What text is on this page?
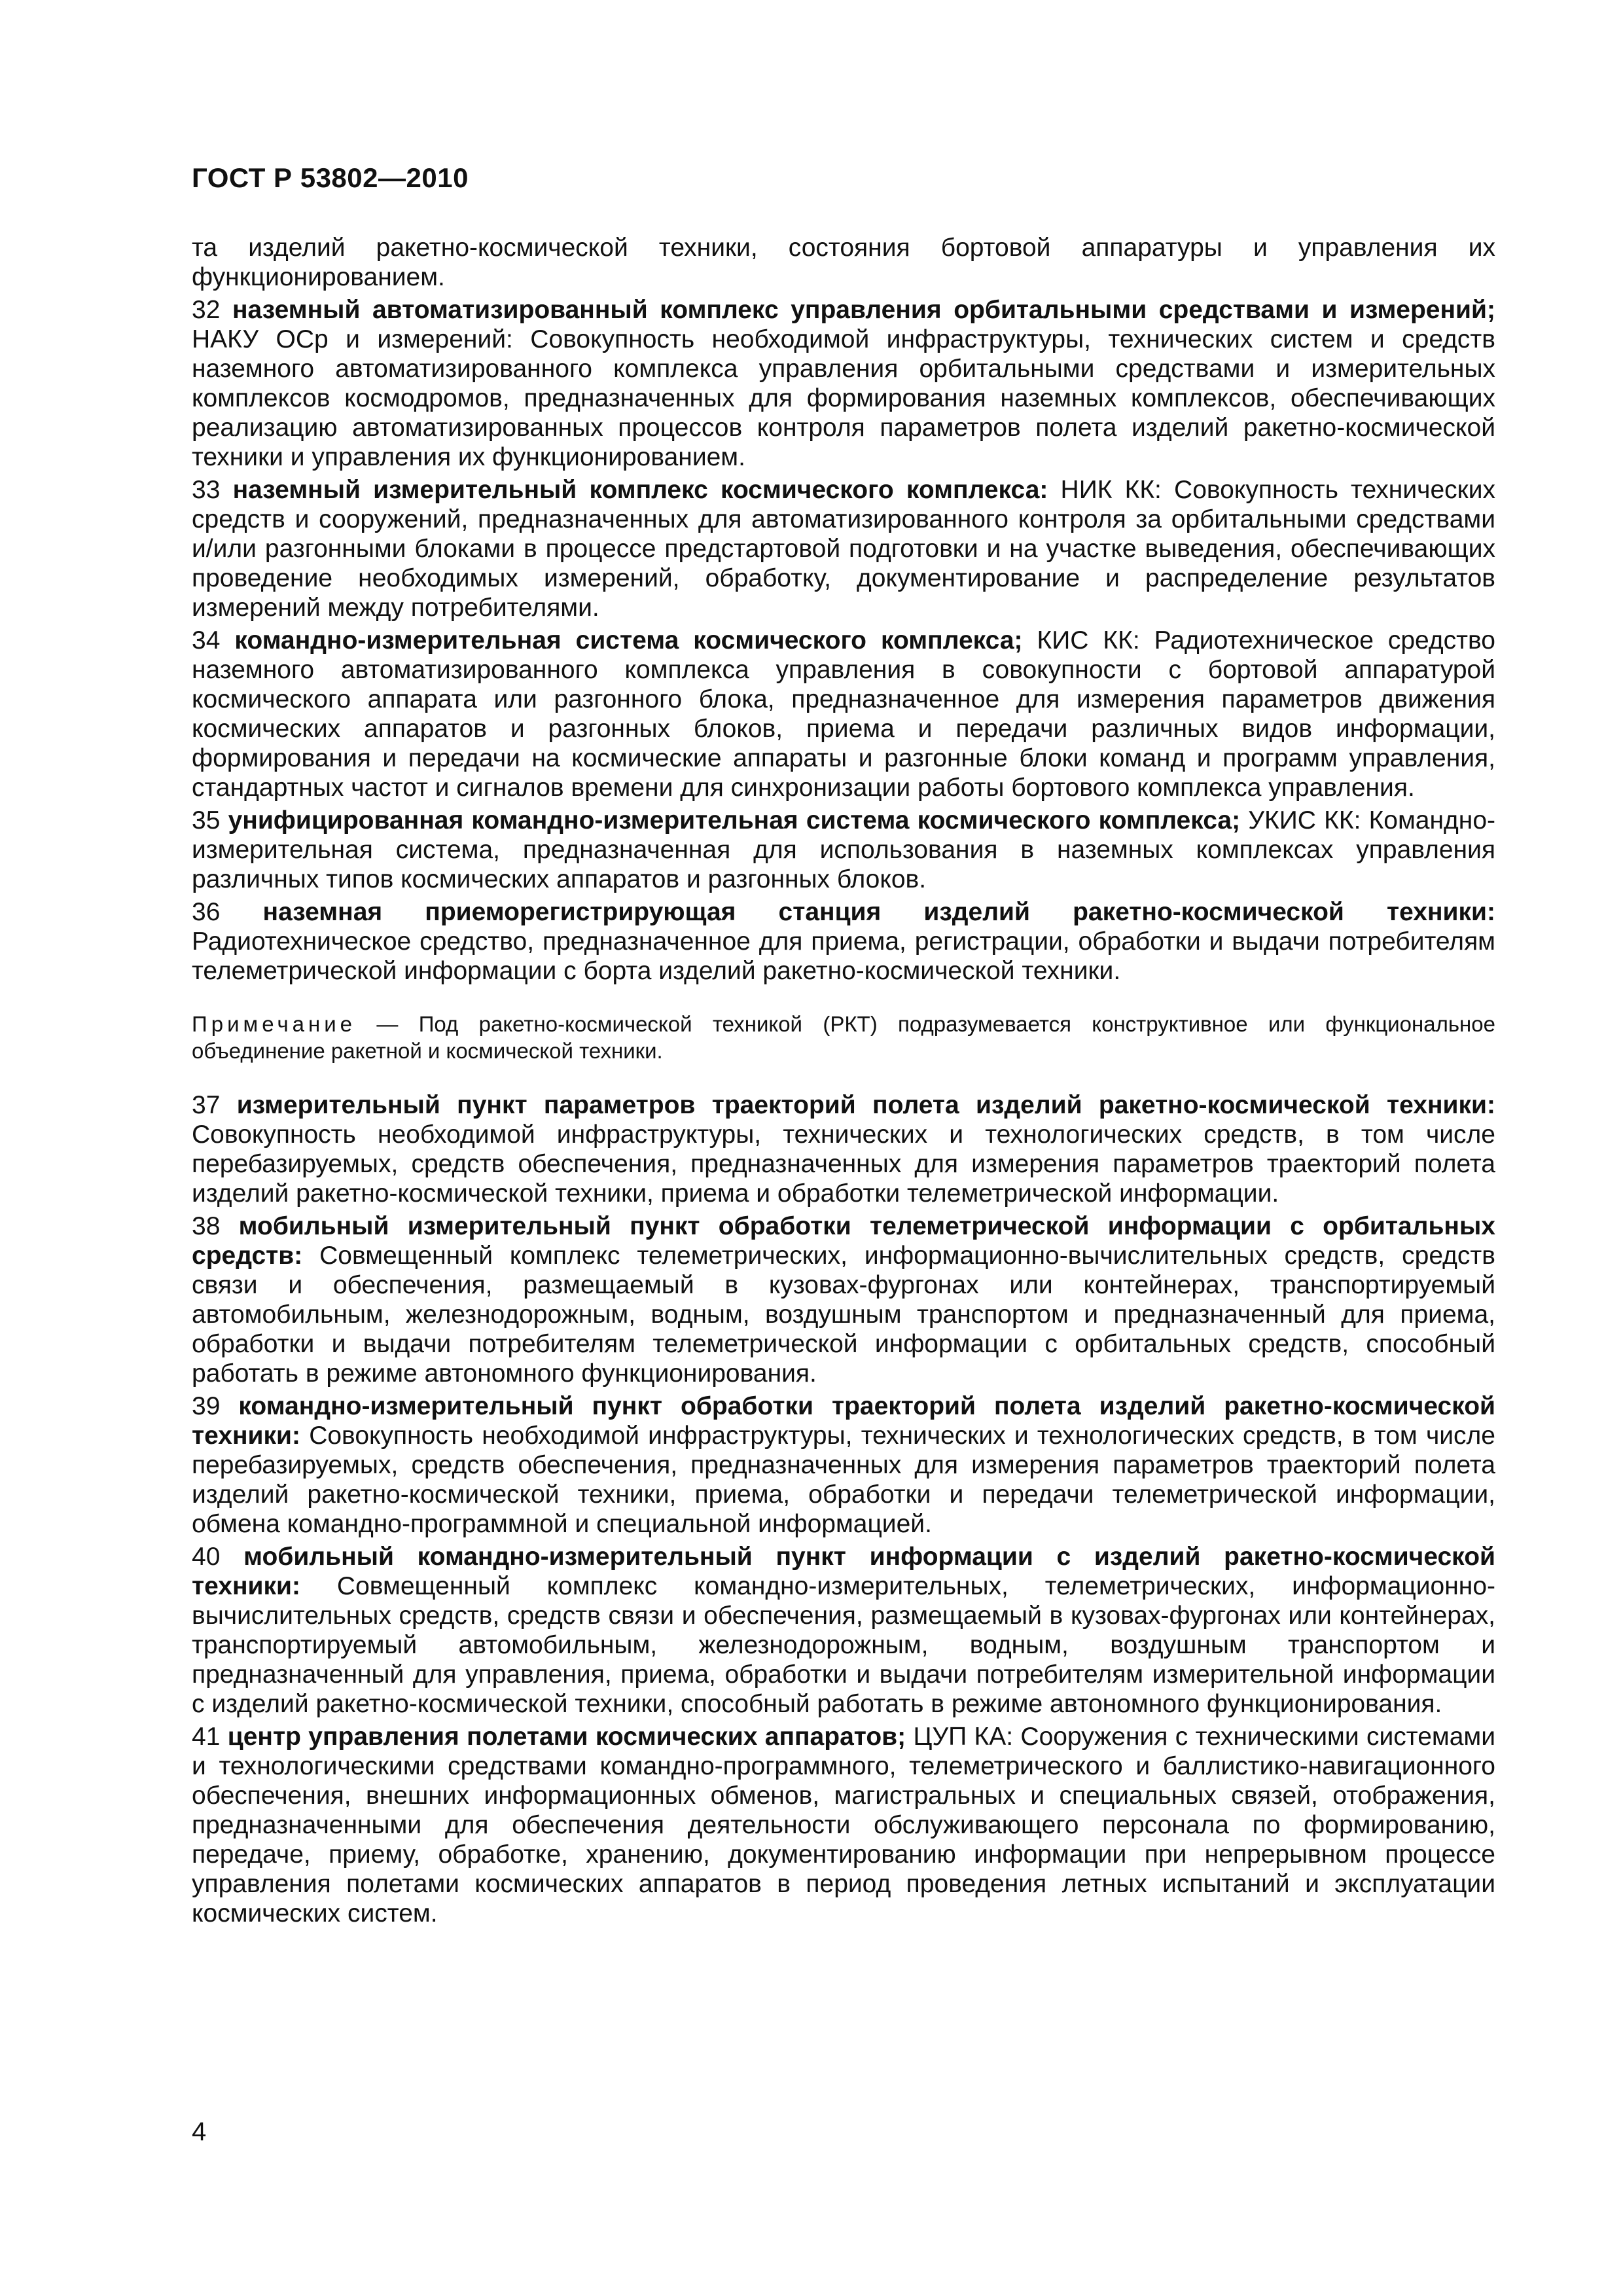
ГОСТ Р 53802—2010

та изделий ракетно-космической техники, состояния бортовой аппаратуры и управления их функционированием.

32 наземный автоматизированный комплекс управления орбитальными средствами и измерений; НАКУ ОСр и измерений: Совокупность необходимой инфраструктуры, технических систем и средств наземного автоматизированного комплекса управления орбитальными средствами и измерительных комплексов космодромов, предназначенных для формирования наземных комплексов, обеспечивающих реализацию автоматизированных процессов контроля параметров полета изделий ракетно-космической техники и управления их функционированием.

33 наземный измерительный комплекс космического комплекса: НИК КК: Совокупность технических средств и сооружений, предназначенных для автоматизированного контроля за орбитальными средствами и/или разгонными блоками в процессе предстартовой подготовки и на участке выведения, обеспечивающих проведение необходимых измерений, обработку, документирование и распределение результатов измерений между потребителями.

34 командно-измерительная система космического комплекса; КИС КК: Радиотехническое средство наземного автоматизированного комплекса управления в совокупности с бортовой аппаратурой космического аппарата или разгонного блока, предназначенное для измерения параметров движения космических аппаратов и разгонных блоков, приема и передачи различных видов информации, формирования и передачи на космические аппараты и разгонные блоки команд и программ управления, стандартных частот и сигналов времени для синхронизации работы бортового комплекса управления.

35 унифицированная командно-измерительная система космического комплекса; УКИС КК: Командно-измерительная система, предназначенная для использования в наземных комплексах управления различных типов космических аппаратов и разгонных блоков.

36 наземная приеморегистрирующая станция изделий ракетно-космической техники: Радиотехническое средство, предназначенное для приема, регистрации, обработки и выдачи потребителям телеметрической информации с борта изделий ракетно-космической техники.

Примечание — Под ракетно-космической техникой (РКТ) подразумевается конструктивное или функциональное объединение ракетной и космической техники.

37 измерительный пункт параметров траекторий полета изделий ракетно-космической техники: Совокупность необходимой инфраструктуры, технических и технологических средств, в том числе перебазируемых, средств обеспечения, предназначенных для измерения параметров траекторий полета изделий ракетно-космической техники, приема и обработки телеметрической информации.

38 мобильный измерительный пункт обработки телеметрической информации с орбитальных средств: Совмещенный комплекс телеметрических, информационно-вычислительных средств, средств связи и обеспечения, размещаемый в кузовах-фургонах или контейнерах, транспортируемый автомобильным, железнодорожным, водным, воздушным транспортом и предназначенный для приема, обработки и выдачи потребителям телеметрической информации с орбитальных средств, способный работать в режиме автономного функционирования.

39 командно-измерительный пункт обработки траекторий полета изделий ракетно-космической техники: Совокупность необходимой инфраструктуры, технических и технологических средств, в том числе перебазируемых, средств обеспечения, предназначенных для измерения параметров траекторий полета изделий ракетно-космической техники, приема, обработки и передачи телеметрической информации, обмена командно-программной и специальной информацией.

40 мобильный командно-измерительный пункт информации с изделий ракетно-космической техники: Совмещенный комплекс командно-измерительных, телеметрических, информационно-вычислительных средств, средств связи и обеспечения, размещаемый в кузовах-фургонах или контейнерах, транспортируемый автомобильным, железнодорожным, водным, воздушным транспортом и предназначенный для управления, приема, обработки и выдачи потребителям измерительной информации с изделий ракетно-космической техники, способный работать в режиме автономного функционирования.

41 центр управления полетами космических аппаратов; ЦУП КА: Сооружения с техническими системами и технологическими средствами командно-программного, телеметрического и баллистико-навигационного обеспечения, внешних информационных обменов, магистральных и специальных связей, отображения, предназначенными для обеспечения деятельности обслуживающего персонала по формированию, передаче, приему, обработке, хранению, документированию информации при непрерывном процессе управления полетами космических аппаратов в период проведения летных испытаний и эксплуатации космических систем.

4
